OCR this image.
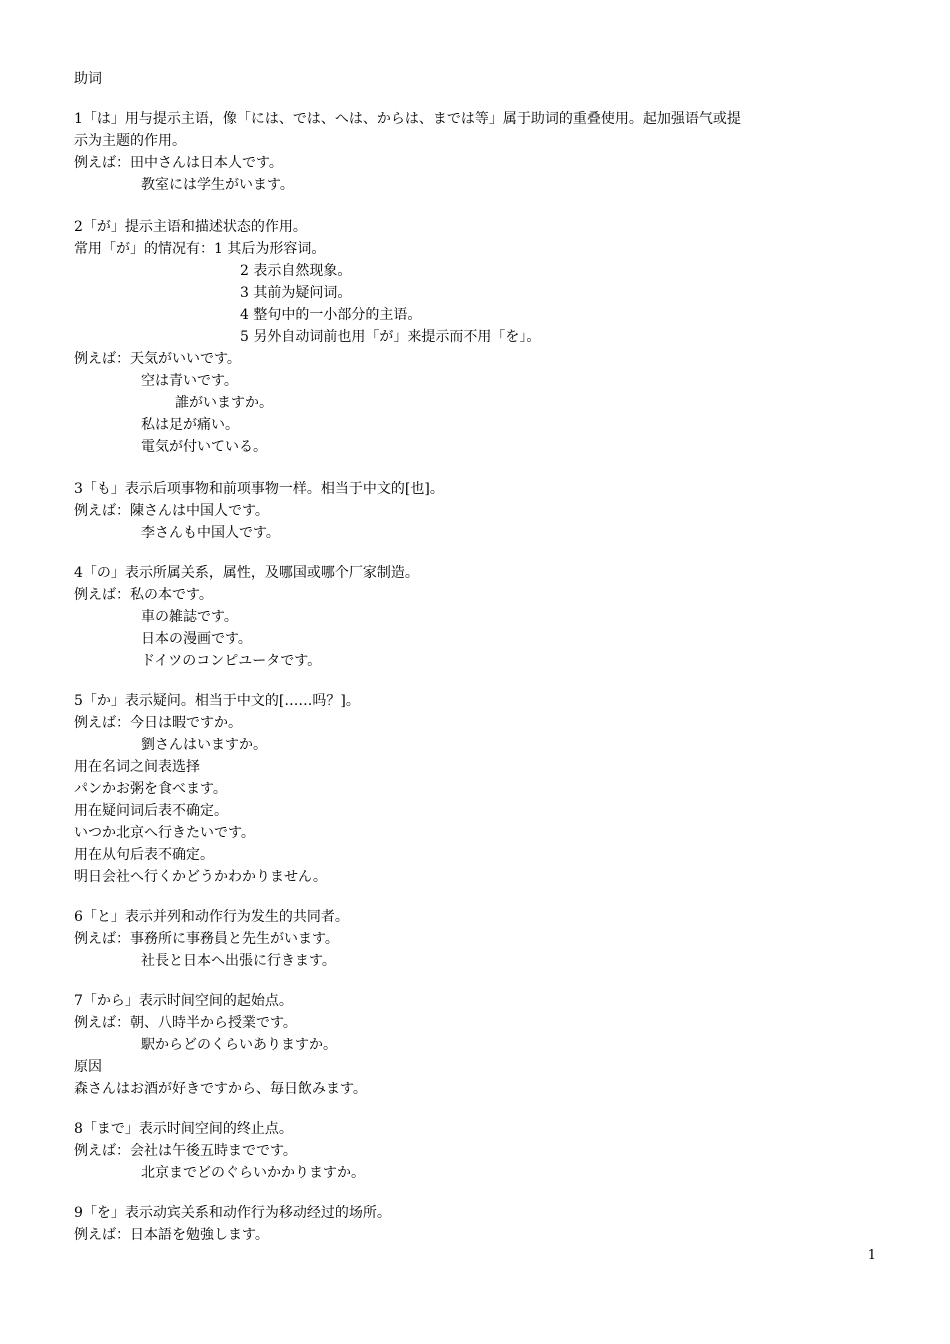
助词
1「は」用与提示主语，像「には、では、へは、からは、までは等」属于助词的重叠使用。起加强语气或提
示为主题的作用。
例えば：田中さんは日本人です。
教室には学生がいます。
2「が」提示主语和描述状态的作用。
常用「が」的情况有：1 其后为形容词。
2 表示自然现象。
3 其前为疑问词。
4 整句中的一小部分的主语。
5 另外自动词前也用「が」来提示而不用「を」。
例えば：天気がいいです。
空は青いです。
誰がいますか。
私は足が痛い。
電気が付いている。
3「も」表示后项事物和前项事物一样。相当于中文的[也]。
例えば：陳さんは中国人です。
李さんも中国人です。
4「の」表示所属关系，属性，及哪国或哪个厂家制造。
例えば：私の本です。
車の雑誌です。
日本の漫画です。
ドイツのコンピユータです。
5「か」表示疑问。相当于中文的[……吗？]。
例えば：今日は暇ですか。
劉さんはいますか。
用在名词之间表选择
パンかお粥を食べます。
用在疑问词后表不确定。
いつか北京へ行きたいです。
用在从句后表不确定。
明日会社へ行くかどうかわかりません。
6「と」表示并列和动作行为发生的共同者。
例えば：事務所に事務員と先生がいます。
社長と日本へ出張に行きます。
7「から」表示时间空间的起始点。
例えば：朝、八時半から授業です。
駅からどのくらいありますか。
原因
森さんはお酒が好きですから、毎日飲みます。
8「まで」表示时间空间的终止点。
例えば：会社は午後五時までです。
北京までどのぐらいかかりますか。
9「を」表示动宾关系和动作行为移动经过的场所。
例えば：日本語を勉強します。
1
